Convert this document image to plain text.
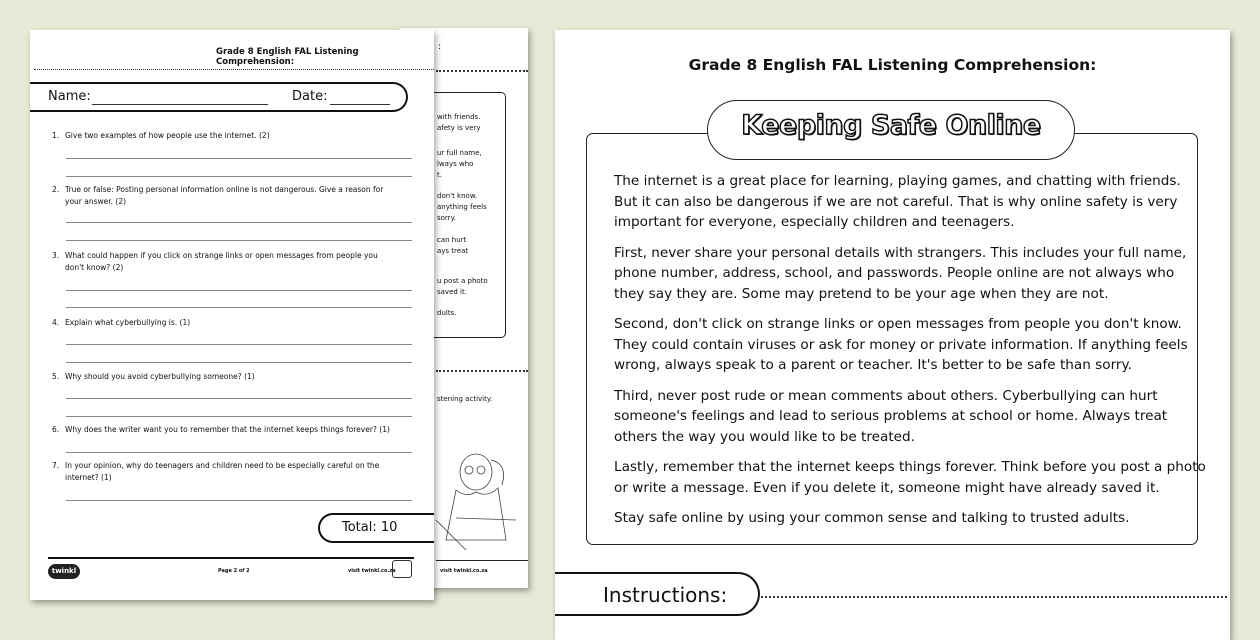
:
with friends.
afety is very
ur full name,
lways who
t.
don't know.
anything feels
sorry.
can hurt
ays treat
u post a photo
saved it.
dults.
stening activity.
visit twinkl.co.za
Grade 8 English FAL Listening Comprehension:
Name:	Date:
1. Give two examples of how people use the internet. (2)
2. True or false: Posting personal information online is not dangerous. Give a reason for your answer. (2)
3. What could happen if you click on strange links or open messages from people you don't know? (2)
4. Explain what cyberbullying is. (1)
5. Why should you avoid cyberbullying someone? (1)
6. Why does the writer want you to remember that the internet keeps things forever? (1)
7. In your opinion, why do teenagers and children need to be especially careful on the internet? (1)
Total: 10
twinkl	Page 2 of 2	visit twinkl.co.za
Grade 8 English FAL Listening Comprehension:
Keeping Safe Online
The internet is a great place for learning, playing games, and chatting with friends.
But it can also be dangerous if we are not careful. That is why online safety is very
important for everyone, especially children and teenagers.
First, never share your personal details with strangers. This includes your full name,
phone number, address, school, and passwords. People online are not always who
they say they are. Some may pretend to be your age when they are not.
Second, don't click on strange links or open messages from people you don't know.
They could contain viruses or ask for money or private information. If anything feels
wrong, always speak to a parent or teacher. It's better to be safe than sorry.
Third, never post rude or mean comments about others. Cyberbullying can hurt
someone's feelings and lead to serious problems at school or home. Always treat
others the way you would like to be treated.
Lastly, remember that the internet keeps things forever. Think before you post a photo
or write a message. Even if you delete it, someone might have already saved it.
Stay safe online by using your common sense and talking to trusted adults.
Instructions:
